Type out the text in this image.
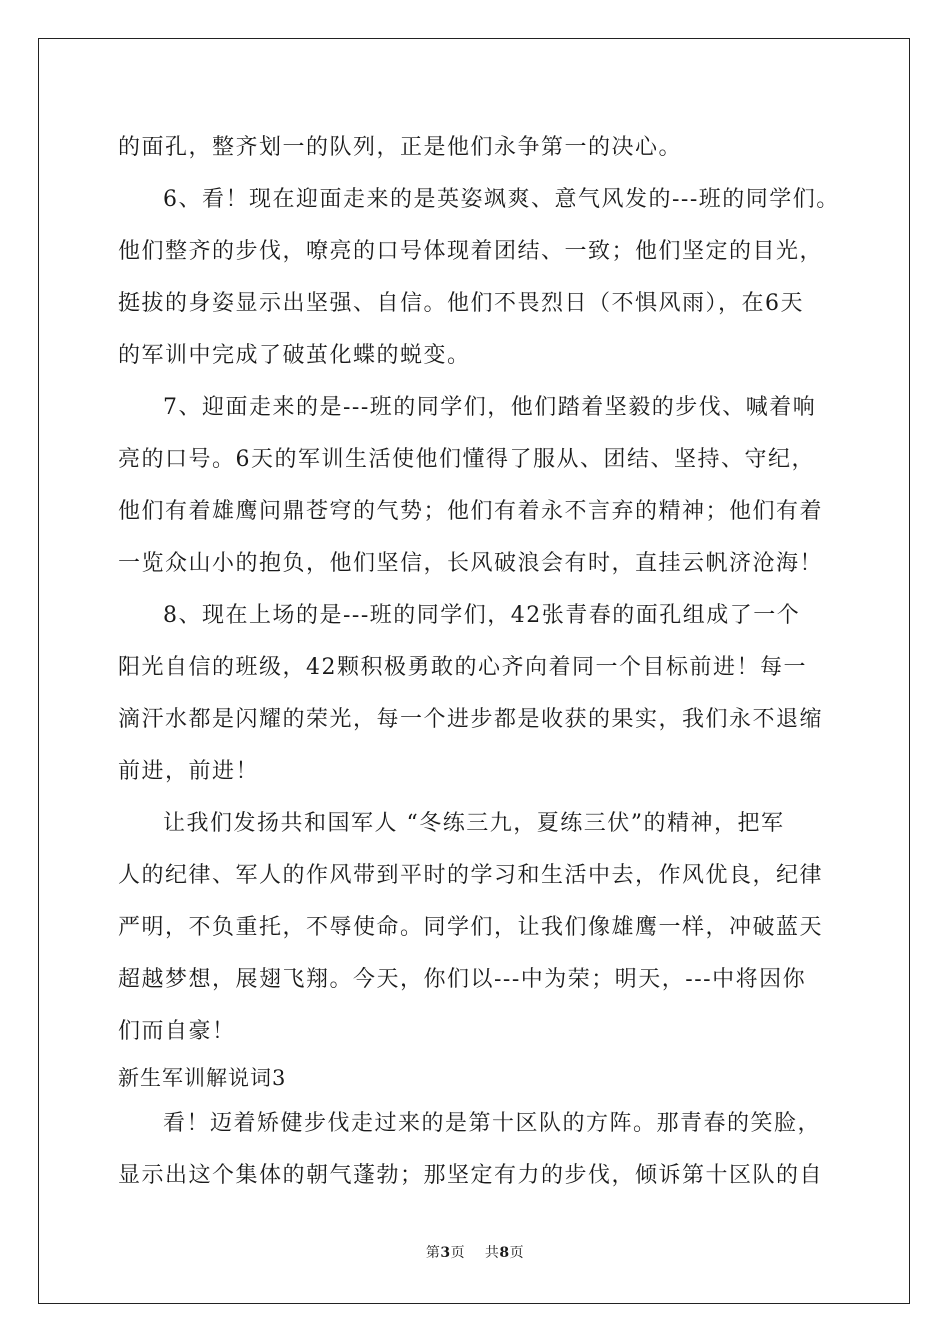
的面孔，整齐划一的队列，正是他们永争第一的决心。
6、看！现在迎面走来的是英姿飒爽、意气风发的---班的同学们。
他们整齐的步伐，嘹亮的口号体现着团结、一致；他们坚定的目光，
挺拔的身姿显示出坚强、自信。他们不畏烈日（不惧风雨），在6天
的军训中完成了破茧化蝶的蜕变。
7、迎面走来的是---班的同学们，他们踏着坚毅的步伐、喊着响
亮的口号。6天的军训生活使他们懂得了服从、团结、坚持、守纪，
他们有着雄鹰问鼎苍穹的气势；他们有着永不言弃的精神；他们有着
一览众山小的抱负，他们坚信，长风破浪会有时，直挂云帆济沧海！
8、现在上场的是---班的同学们，42张青春的面孔组成了一个
阳光自信的班级，42颗积极勇敢的心齐向着同一个目标前进！每一
滴汗水都是闪耀的荣光，每一个进步都是收获的果实，我们永不退缩
前进，前进！
让我们发扬共和国军人 “冬练三九，夏练三伏”的精神，把军
人的纪律、军人的作风带到平时的学习和生活中去，作风优良，纪律
严明，不负重托，不辱使命。同学们，让我们像雄鹰一样，冲破蓝天
超越梦想，展翅飞翔。今天，你们以---中为荣；明天，---中将因你
们而自豪！
新生军训解说词3
看！迈着矫健步伐走过来的是第十区队的方阵。那青春的笑脸，
显示出这个集体的朝气蓬勃；那坚定有力的步伐，倾诉第十区队的自
第3页 共8页
